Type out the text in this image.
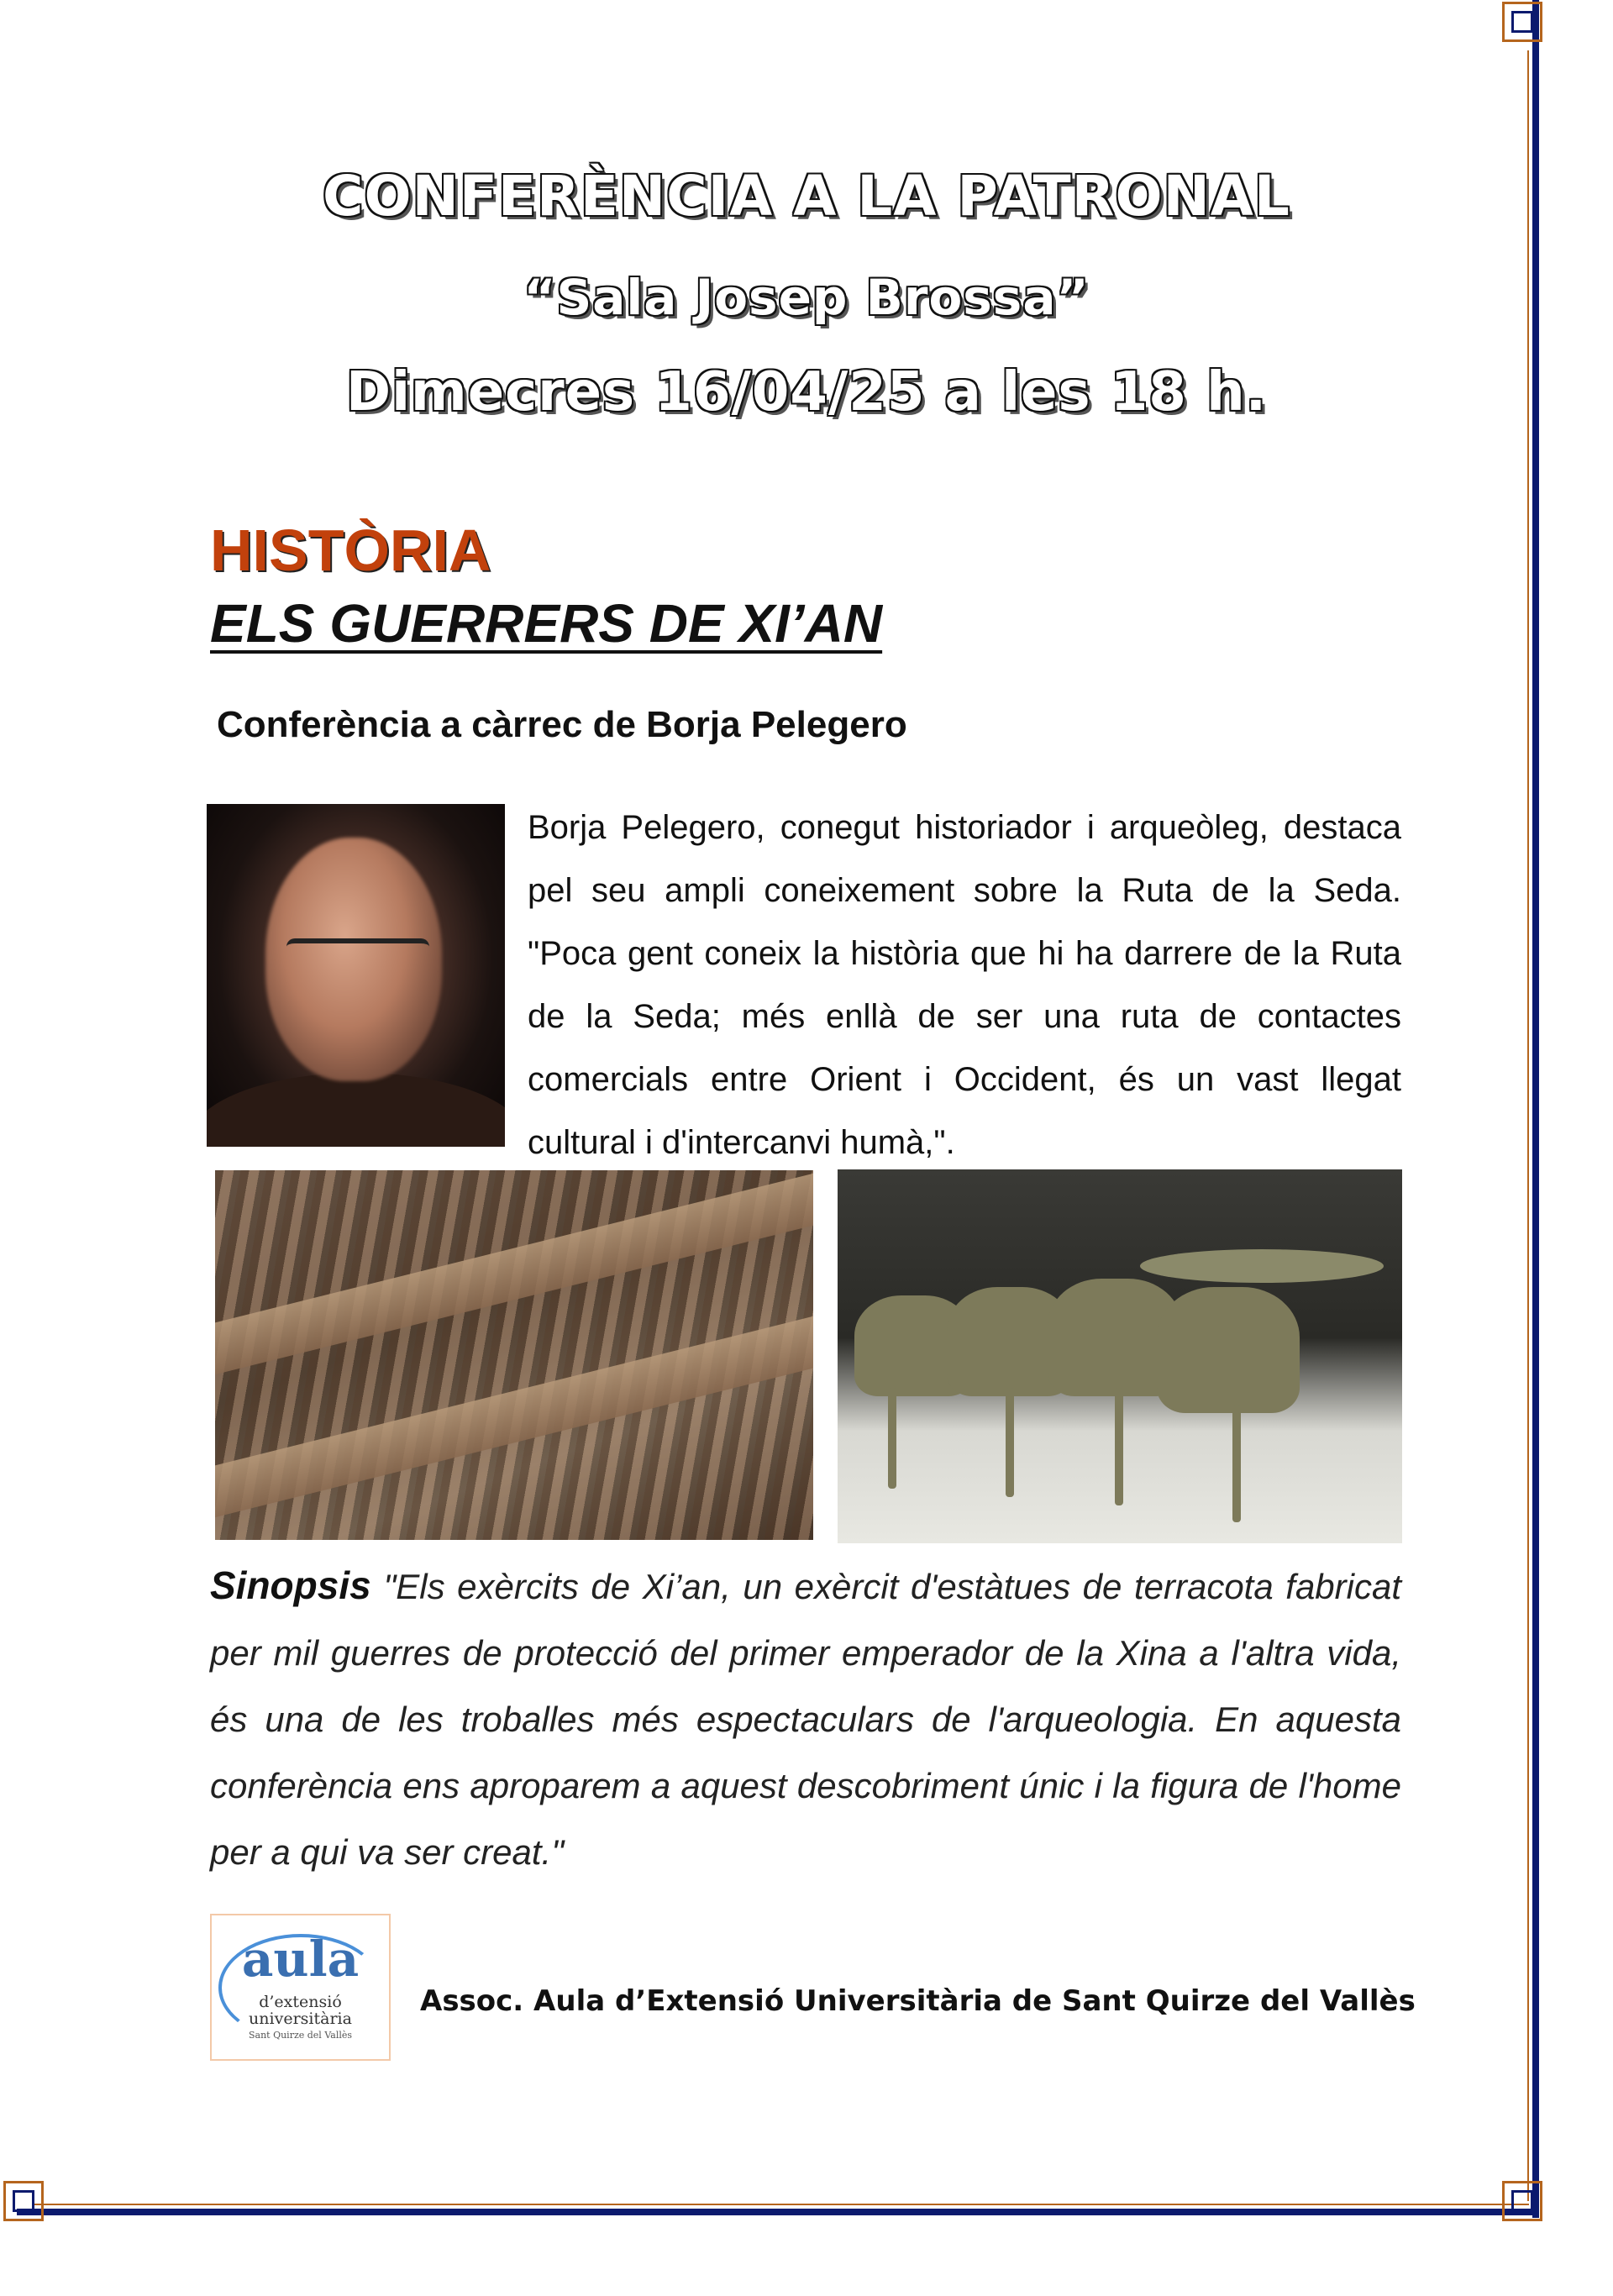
CONFERÈNCIA A LA PATRONAL
“Sala Josep Brossa”
Dimecres 16/04/25 a les 18 h.
HISTÒRIA
ELS GUERRERS DE XI’AN
Conferència a càrrec de Borja Pelegero
Borja Pelegero, conegut historiador i arqueòleg, destaca pel seu ampli coneixement sobre la Ruta de la Seda. "Poca gent coneix la història que hi ha darrere de la Ruta de la Seda; més enllà de ser una ruta de contactes comercials entre Orient i Occident, és un vast llegat cultural i d'intercanvi humà,".
Sinopsis "Els exèrcits de Xi’an, un exèrcit d'estàtues de terracota fabricat per mil guerres de protecció del primer emperador de la Xina a l'altra vida, és una de les troballes més espectaculars de l'arqueologia. En aquesta conferència ens aproparem a aquest descobriment únic i la figura de l'home per a qui va ser creat."
aula
d’extensió
universitària
Sant Quirze del Vallès
Assoc. Aula d’Extensió Universitària de Sant Quirze del Vallès
